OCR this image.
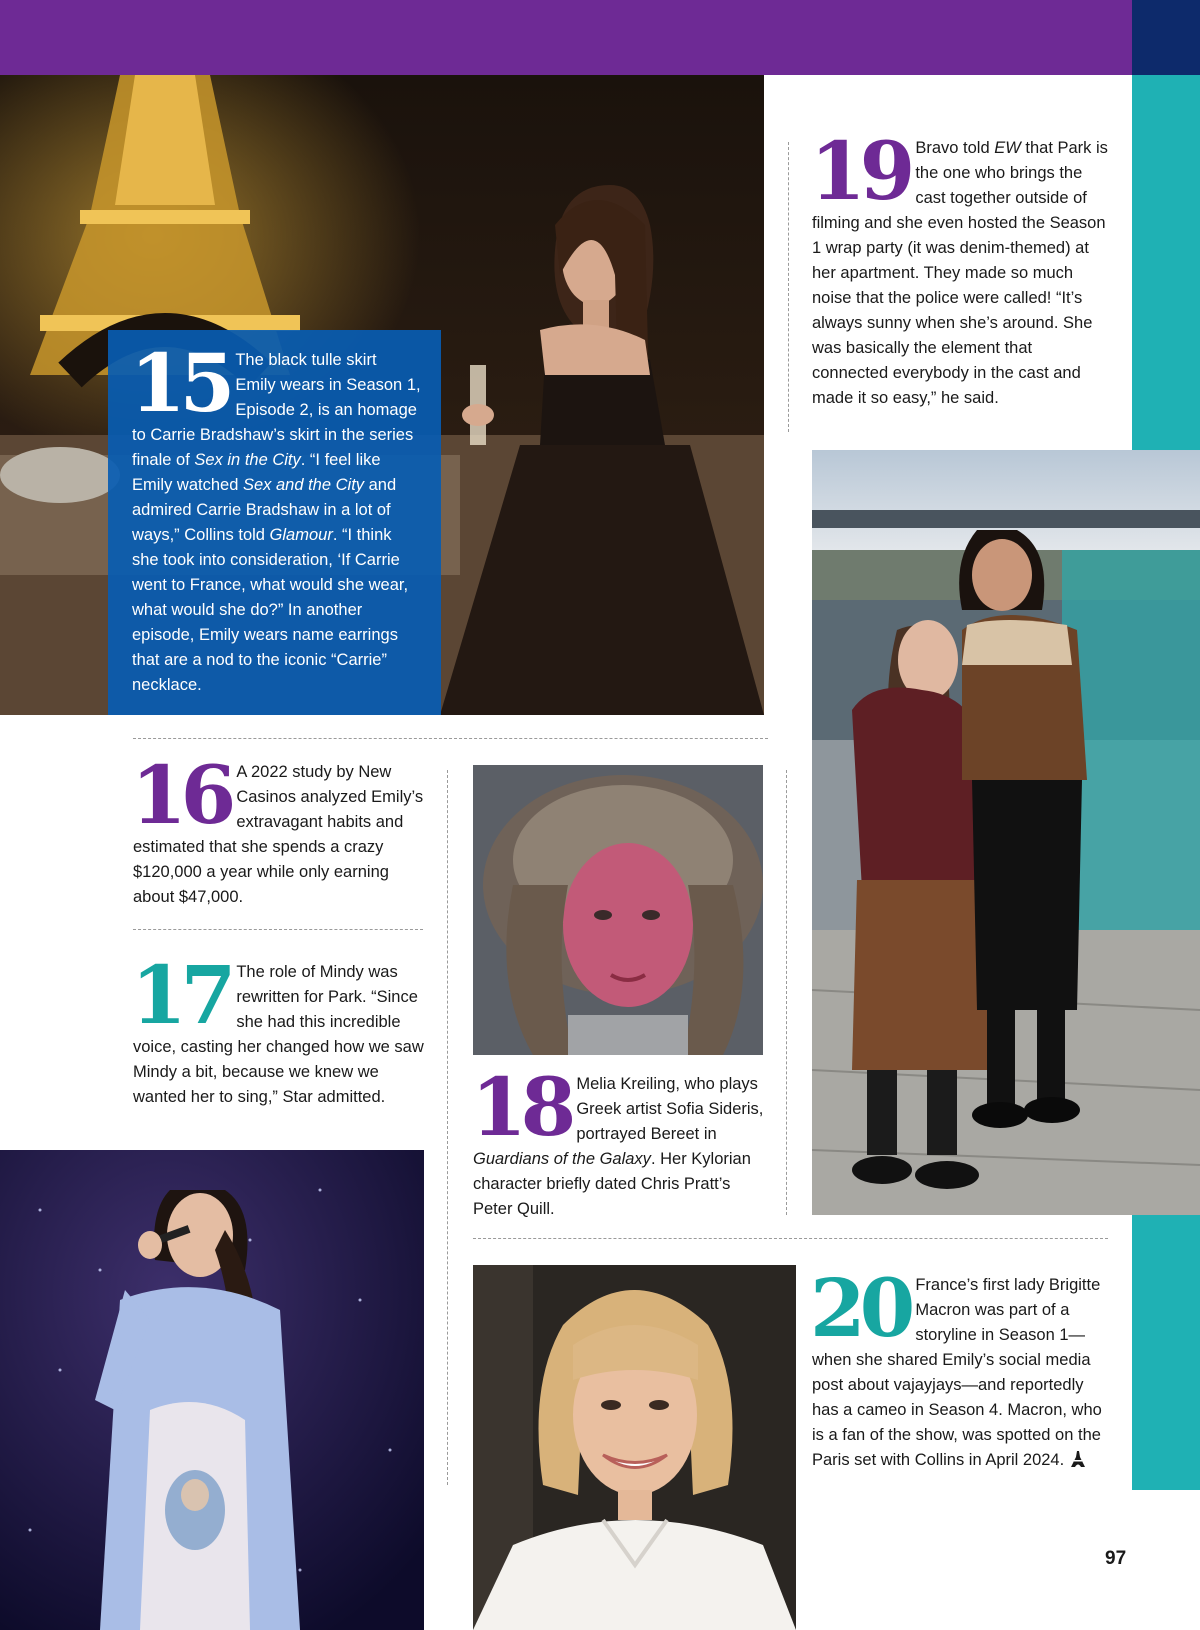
15 The black tulle skirt Emily wears in Season 1, Episode 2, is an homage to Carrie Bradshaw’s skirt in the series finale of Sex in the City. “I feel like Emily watched Sex and the City and admired Carrie Bradshaw in a lot of ways,” Collins told Glamour. “I think she took into consideration, ‘If Carrie went to France, what would she wear, what would she do?” In another episode, Emily wears name earrings that are a nod to the iconic “Carrie” necklace.
19 Bravo told EW that Park is the one who brings the cast together outside of filming and she even hosted the Season 1 wrap party (it was denim-themed) at her apartment. They made so much noise that the police were called! “It’s always sunny when she’s around. She was basically the element that connected everybody in the cast and made it so easy,” he said.
16 A 2022 study by New Casinos analyzed Emily’s extravagant habits and estimated that she spends a crazy $120,000 a year while only earning about $47,000.
17 The role of Mindy was rewritten for Park. “Since she had this incredible voice, casting her changed how we saw Mindy a bit, because we knew we wanted her to sing,” Star admitted.	18 Melia Kreiling, who plays Greek artist Sofia Sideris, portrayed Bereet in Guardians of the Galaxy. Her Kylorian character briefly dated Chris Pratt’s Peter Quill.
20 France’s first lady Brigitte Macron was part of a storyline in Season 1—when she shared Emily’s social media post about vajayjays—and reportedly has a cameo in Season 4. Macron, who is a fan of the show, was spotted on the Paris set with Collins in April 2024.
97
